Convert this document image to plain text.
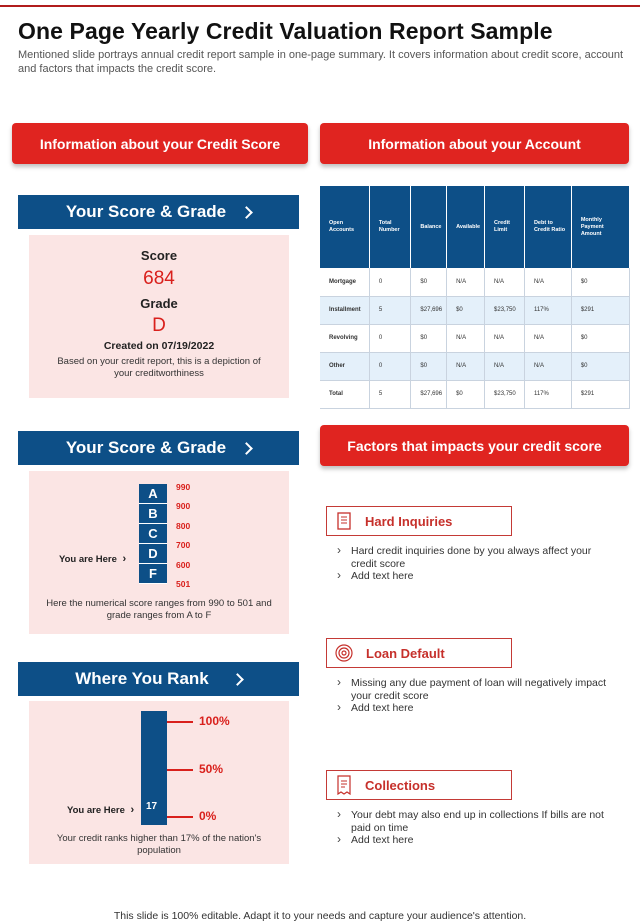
One Page Yearly Credit Valuation Report Sample
Mentioned slide portrays annual credit report sample in one-page summary. It covers information about credit score, account and factors that impacts the credit score.
Information about your Credit Score
Your Score & Grade
Score
684
Grade
D
Created on 07/19/2022
Based on your credit report, this is a depiction of your creditworthiness
Your Score & Grade
A
B
C
D
F
990
900
800
700
600
501
You are Here ›
Here the numerical score ranges from 990 to 501 and grade ranges from A to F
Where You Rank
100%
50%
0%
17
You are Here ›
Your credit ranks higher than 17% of the nation's population
Information about your Account
Open Accounts	Total Number	Balance	Available	Credit Limit	Debt to Credit Ratio	Monthly Payment Amount
Mortgage	0	$0	N/A	N/A	N/A	$0
Installment	5	$27,696	$0	$23,750	117%	$291
Revolving	0	$0	N/A	N/A	N/A	$0
Other	0	$0	N/A	N/A	N/A	$0
Total	5	$27,696	$0	$23,750	117%	$291
Factors that impacts your credit score
Hard Inquiries
› Hard credit inquiries done by you always affect your credit score
› Add text here
Loan Default
› Missing any due payment of loan will negatively impact your credit score
› Add text here
Collections
› Your debt may also end up in collections If bills are not paid on time
› Add text here
This slide is 100% editable. Adapt it to your needs and capture your audience's attention.
